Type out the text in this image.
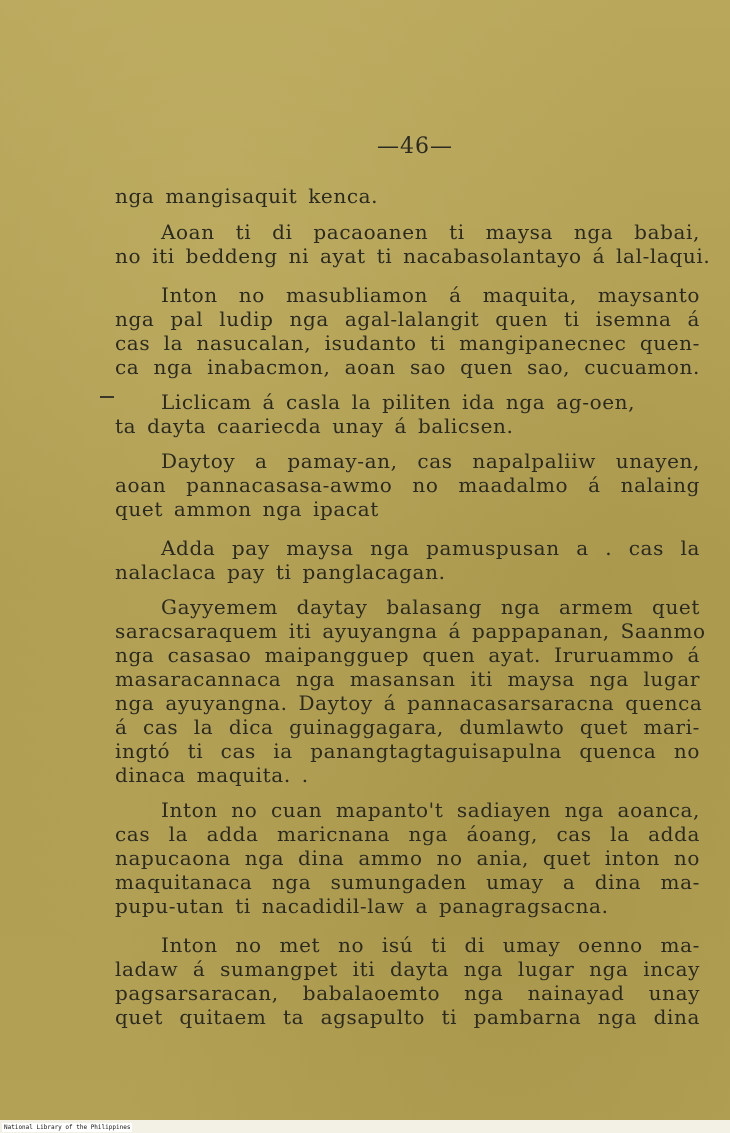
—46—
nga mangisaquit kenca.
Aoan ti di pacaoanen ti maysa nga babai,
no iti beddeng ni ayat ti nacabasolantayo á lal-laqui.
Inton no masubliamon á maquita, maysanto
nga pal ludip nga agal-lalangit quen ti isemna á
cas la nasucalan, isudanto ti mangipanecnec quen-
ca nga inabacmon, aoan sao quen sao, cucuamon.
Liclicam á casla la piliten ida nga ag-oen,
ta dayta caariecda unay á balicsen.
Daytoy a pamay-an, cas napalpaliiw unayen,
aoan pannacasasa-awmo no maadalmo á nalaing
quet ammon nga ipacat
Adda pay maysa nga pamuspusan a . cas la
nalaclaca pay ti panglacagan.
Gayyemem daytay balasang nga armem quet
saracsaraquem iti ayuyangna á pappapanan, Saanmo
nga casasao maipangguep quen ayat. Iruruammo á
masaracannaca nga masansan iti maysa nga lugar
nga ayuyangna. Daytoy á pannacasarsaracna quenca
á cas la dica guinaggagara, dumlawto quet mari-
ingtó ti cas ia panangtagtaguisapulna quenca no
dinaca maquita. .
Inton no cuan mapanto't sadiayen nga aoanca,
cas la adda maricnana nga áoang, cas la adda
napucaona nga dina ammo no ania, quet inton no
maquitanaca nga sumungaden umay a dina ma-
pupu-utan ti nacadidil-law a panagragsacna.
Inton no met no isú ti di umay oenno ma-
ladaw á sumangpet iti dayta nga lugar nga incay
pagsarsaracan, babalaoemto nga nainayad unay
quet quitaem ta agsapulto ti pambarna nga dina
National Library of the Philippines
